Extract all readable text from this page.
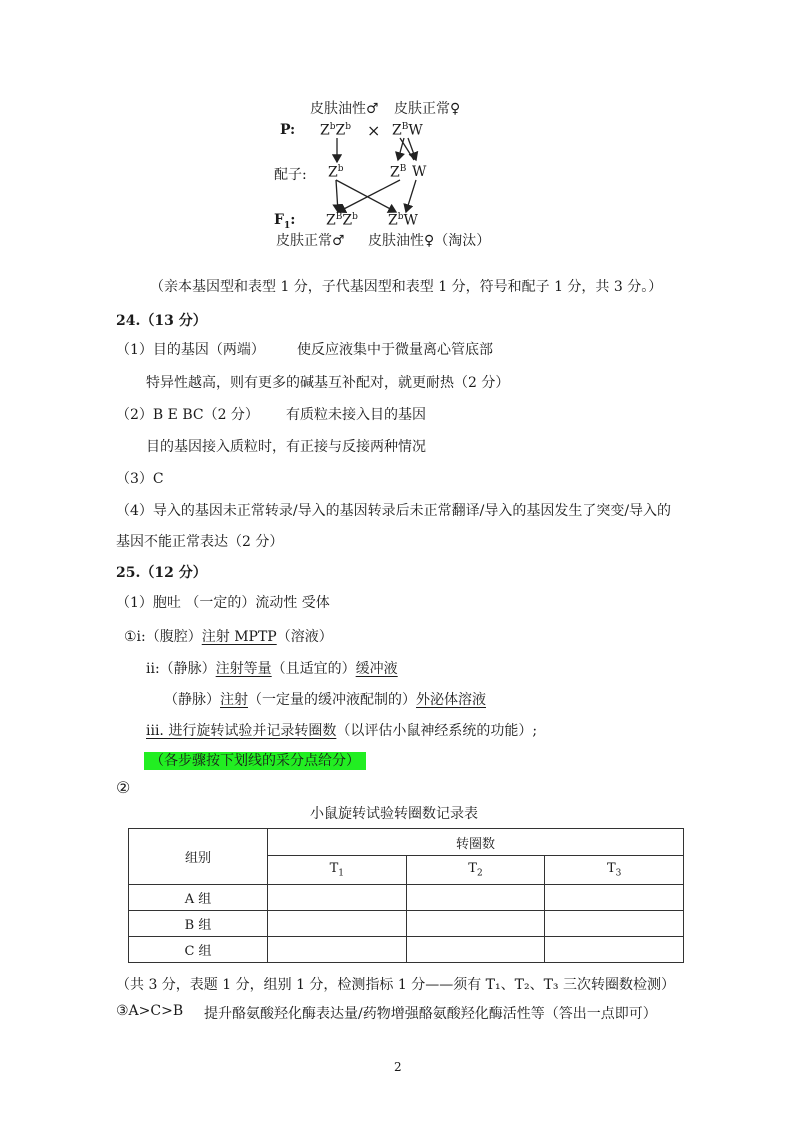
皮肤油性♂ 皮肤正常♀
P: $Z^bZ^b \times Z^BW$
配子: $Z^b$	$Z^B$ W
$F_1$: $Z^BZ^b$ $Z^bW$
皮肤正常♂ 皮肤油性♀（淘汰）
（亲本基因型和表型 1 分，子代基因型和表型 1 分，符号和配子 1 分，共 3 分。）
24.（13 分）
（1）目的基因（两端） 使反应液集中于微量离心管底部
特异性越高，则有更多的碱基互补配对，就更耐热（2 分）
（2）B E BC（2 分） 有质粒未接入目的基因
目的基因接入质粒时，有正接与反接两种情况
（3）C
（4）导入的基因未正常转录/导入的基因转录后未正常翻译/导入的基因发生了突变/导入的
基因不能正常表达（2 分）
25.（12 分）
（1）胞吐 （一定的）流动性 受体
①i:（腹腔）注射 MPTP（溶液）
ii:（静脉）注射等量（且适宜的）缓冲液
（静脉）注射（一定量的缓冲液配制的）外泌体溶液
iii. 进行旋转试验并记录转圈数（以评估小鼠神经系统的功能）;
（各步骤按下划线的采分点给分）
②
小鼠旋转试验转圈数记录表
组别	转圈数		
	$T_1$	$T_2$	$T_3$
A 组			
B 组			
C 组			
（共 3 分，表题 1 分，组别 1 分，检测指标 1 分——须有 T₁、T₂、T₃ 三次转圈数检测）
③A>C>B 提升酪氨酸羟化酶表达量/药物增强酪氨酸羟化酶活性等（答出一点即可）
2
